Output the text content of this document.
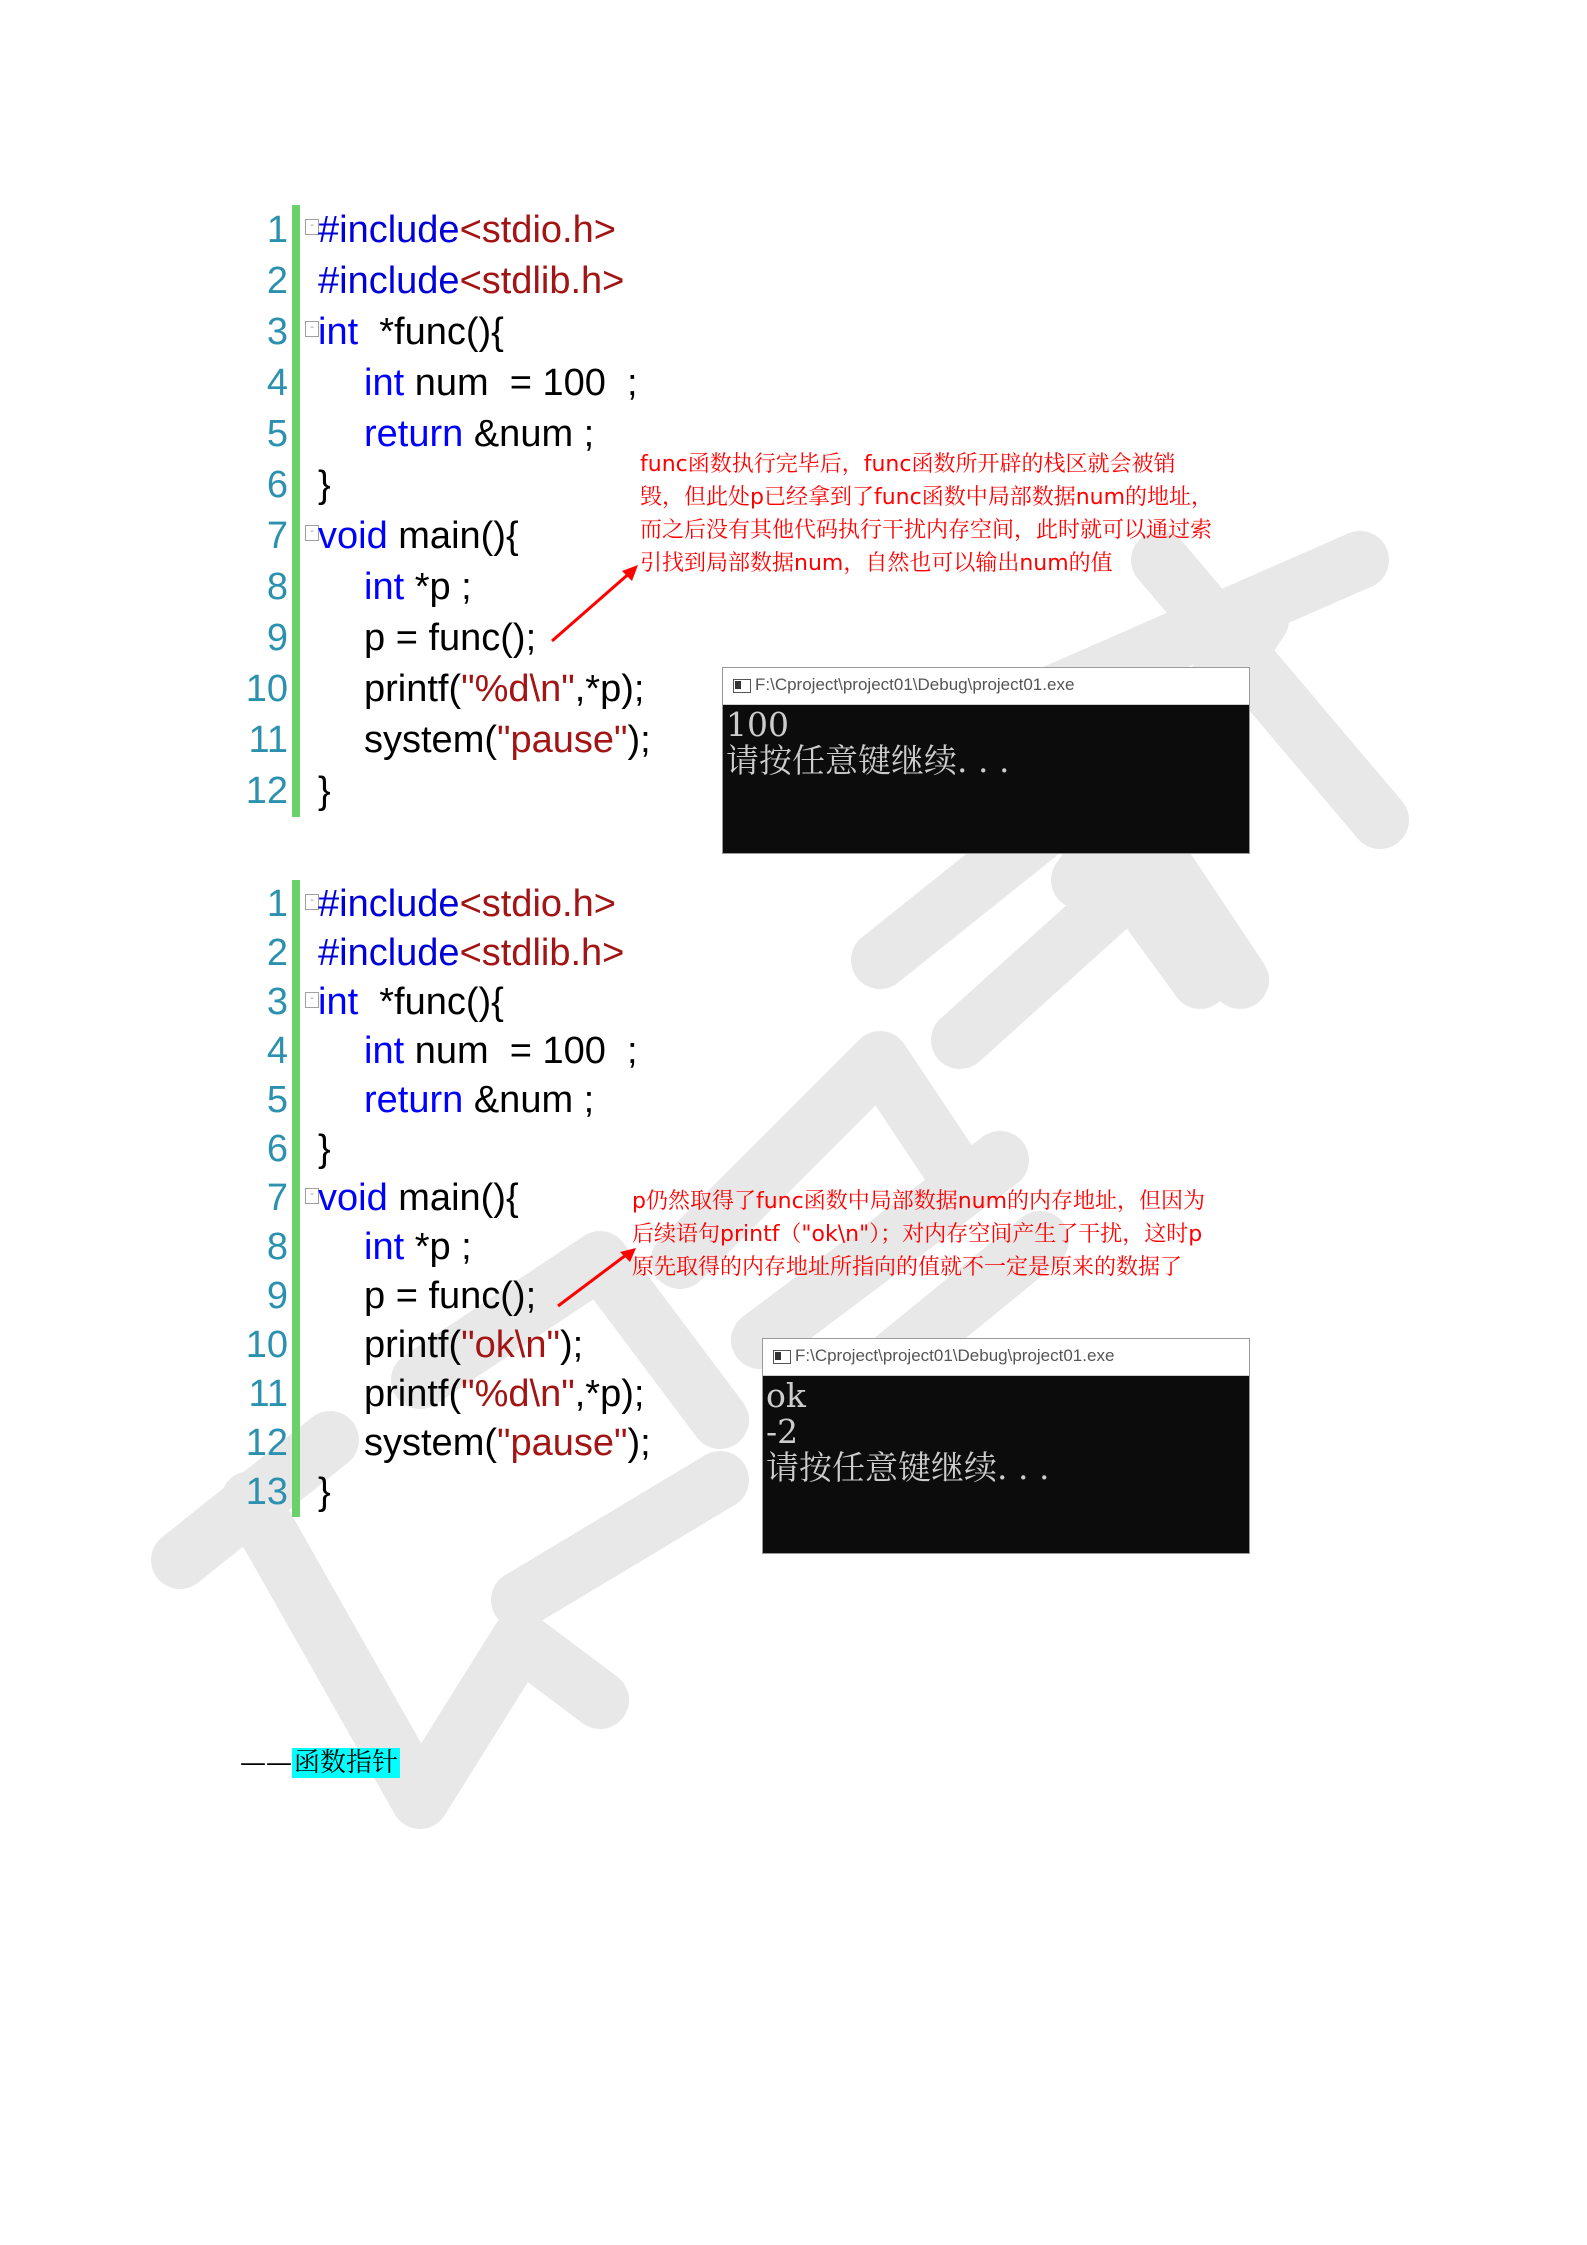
及辞多看书
1	- #include<stdio.h>
2 #include<stdlib.h>
3	- int  *func(){
4 int num  = 100  ;
5 return &num ;
6 }
7	- void main(){
8 int *p ;
9 p = func();
10 printf("%d\n",*p);
11 system("pause");
12 }
func函数执行完毕后，func函数所开辟的栈区就会被销毁，但此处p已经拿到了func函数中局部数据num的地址，而之后没有其他代码执行干扰内存空间，此时就可以通过索引找到局部数据num，自然也可以输出num的值
F:\Cproject\project01\Debug\project01.exe
100
请按任意键继续. . .
1	- #include<stdio.h>
2 #include<stdlib.h>
3	- int  *func(){
4 int num  = 100  ;
5 return &num ;
6 }
7	- void main(){
8 int *p ;
9 p = func();
10 printf("ok\n");
11 printf("%d\n",*p);
12 system("pause");
13 }
p仍然取得了func函数中局部数据num的内存地址，但因为后续语句printf（"ok\n"）；对内存空间产生了干扰，这时p原先取得的内存地址所指向的值就不一定是原来的数据了
F:\Cproject\project01\Debug\project01.exe
ok
-2
请按任意键继续. . .
——函数指针
